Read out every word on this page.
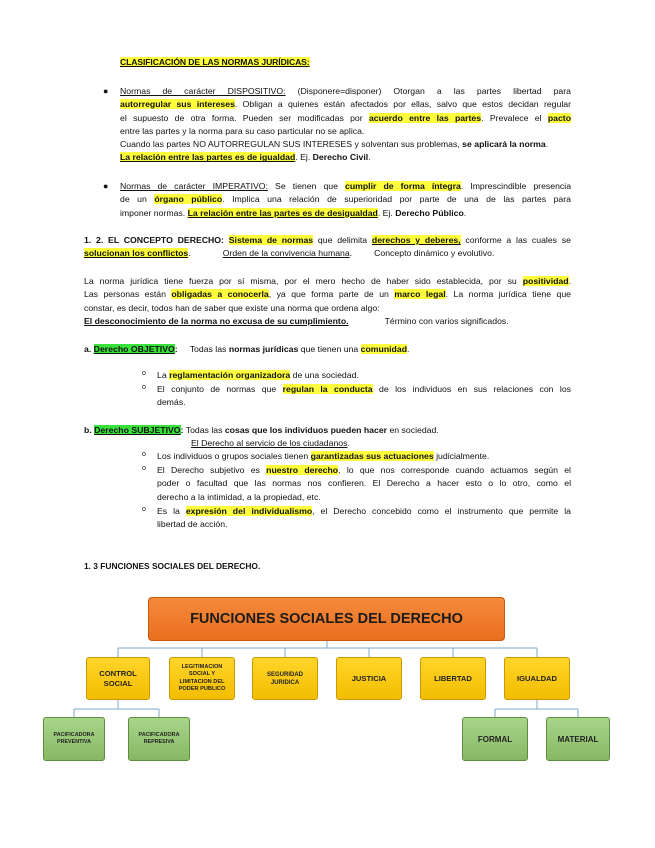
CLASIFICACIÓN DE LAS NORMAS JURÍDICAS:
● Normas de carácter DISPOSITIVO: (Disponere=disponer) Otorgan a las partes libertad para
autorregular sus intereses. Obligan a quienes están afectados por ellas, salvo que estos decidan regular
el supuesto de otra forma. Pueden ser modificadas por acuerdo entre las partes. Prevalece el pacto
entre las partes y la norma para su caso particular no se aplica.
Cuando las partes NO AUTORREGULAN SUS INTERESES y solventan sus problemas, se aplicará la norma.
La relación entre las partes es de igualdad. Ej. Derecho Civil.
● Normas de carácter IMPERATIVO: Se tienen que cumplir de forma íntegra. Imprescindible presencia
de un órgano público. Implica una relación de superioridad por parte de una de las partes para
imponer normas. La relación entre las partes es de desigualdad. Ej. Derecho Público.
1. 2. EL CONCEPTO DERECHO: Sistema de normas que delimita derechos y deberes, conforme a las cuales se
solucionan los conflictos.	Orden de la convivencia humana.	Concepto dinámico y evolutivo.
La norma jurídica tiene fuerza por sí misma, por el mero hecho de haber sido establecida, por su positividad.
Las personas están obligadas a conocerla, ya que forma parte de un marco legal. La norma jurídica tiene que
constar, es decir, todos han de saber que existe una norma que ordena algo:
El desconocimiento de la norma no excusa de su cumplimiento.	Término con varios significados.
a. Derecho OBJETIVO: Todas las normas jurídicas que tienen una comunidad.
o La reglamentación organizadora de una sociedad.
o El conjunto de normas que regulan la conducta de los individuos en sus relaciones con los
demás.
b. Derecho SUBJETIVO: Todas las cosas que los individuos pueden hacer en sociedad.
El Derecho al servicio de los ciudadanos.
o Los individuos o grupos sociales tienen garantizadas sus actuaciones judicialmente.
o El Derecho subjetivo es nuestro derecho, lo que nos corresponde cuando actuamos según el
poder o facultad que las normas nos confieren. El Derecho a hacer esto o lo otro, como el
derecho a la intimidad, a la propiedad, etc.
o Es la expresión del individualismo, el Derecho concebido como el instrumento que permite la
libertad de acción.
1. 3 FUNCIONES SOCIALES DEL DERECHO.
FUNCIONES SOCIALES DEL DERECHO
CONTROL SOCIAL
LEGITIMACION SOCIAL Y LIMITACION DEL PODER PUBLICO
SEGURIDAD JURIDICA	JUSTICIA	LIBERTAD	IGUALDAD
PACIFICADORA PREVENTIVA
PACIFICADORA REPRESIVA	FORMAL	MATERIAL
